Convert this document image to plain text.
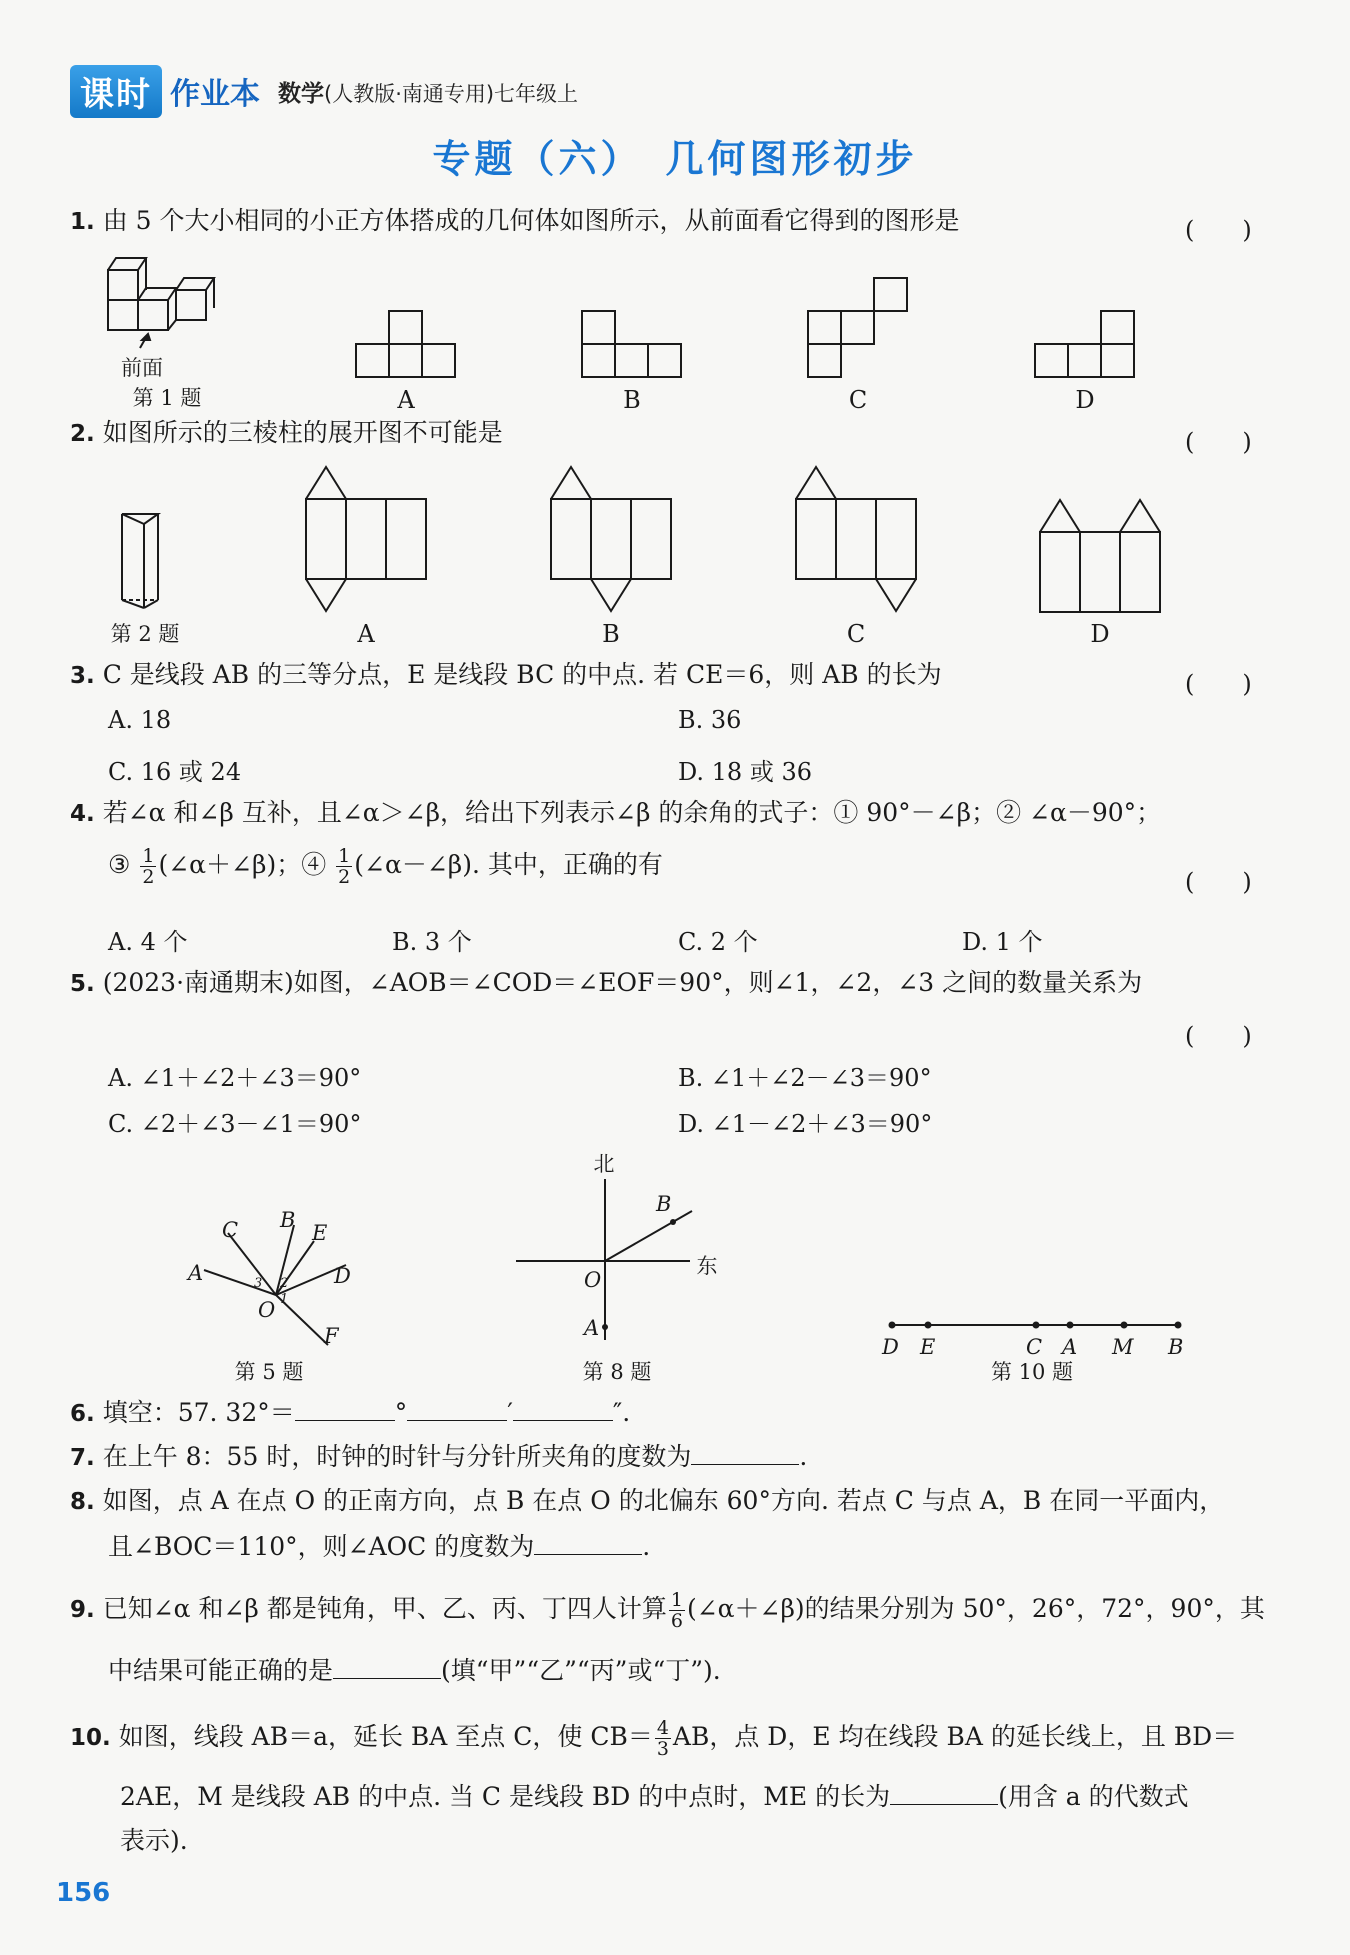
课时 作业本 数学(人教版·南通专用)七年级上
专题（六）　几何图形初步
1. 由 5 个大小相同的小正方体搭成的几何体如图所示，从前面看它得到的图形是	(　　)
前面
第 1 题	A	B	C	D
2. 如图所示的三棱柱的展开图不可能是	(　　)
第 2 题	A	B	C	D
3. C 是线段 AB 的三等分点，E 是线段 BC 的中点. 若 CE＝6，则 AB 的长为	(　　)
A. 18	B. 36
C. 16 或 24	D. 18 或 36
4. 若∠α 和∠β 互补，且∠α＞∠β，给出下列表示∠β 的余角的式子：① 90°－∠β；② ∠α－90°；
③ $\frac{1}{2}$ (∠α＋∠β)；④ $\frac{1}{2}$ (∠α－∠β). 其中，正确的有
(　　)
A. 4 个	B. 3 个	C. 2 个	D. 1 个
5. (2023·南通期末)如图，∠AOB＝∠COD＝∠EOF＝90°，则∠1，∠2，∠3 之间的数量关系为
(　　)
A. ∠1＋∠2＋∠3＝90°	B. ∠1＋∠2－∠3＝90°
C. ∠2＋∠3－∠1＝90°	D. ∠1－∠2＋∠3＝90°
A
B
C
D
E
F
O 1
2
3
第 5 题
北
B
O
A
东
第 8 题
D E	C A M B
第 10 题
6. 填空：57. 32°＝	°	′	″.
7. 在上午 8：55 时，时钟的时针与分针所夹角的度数为	.
8. 如图，点 A 在点 O 的正南方向，点 B 在点 O 的北偏东 60°方向. 若点 C 与点 A，B 在同一平面内，
且∠BOC＝110°，则∠AOC 的度数为	.
9. 已知∠α 和∠β 都是钝角，甲、乙、丙、丁四人计算 $\frac{1}{6}$ (∠α＋∠β)的结果分别为 50°，26°，72°，90°，其
中结果可能正确的是	(填“甲”“乙”“丙”或“丁”).
10. 如图，线段 AB＝a，延长 BA 至点 C，使 $CB= \frac{4}{3}$ AB，点 D，E 均在线段 BA 的延长线上，且 BD＝
2AE，M 是线段 AB 的中点. 当 C 是线段 BD 的中点时，ME 的长为	(用含 a 的代数式
表示).
156
